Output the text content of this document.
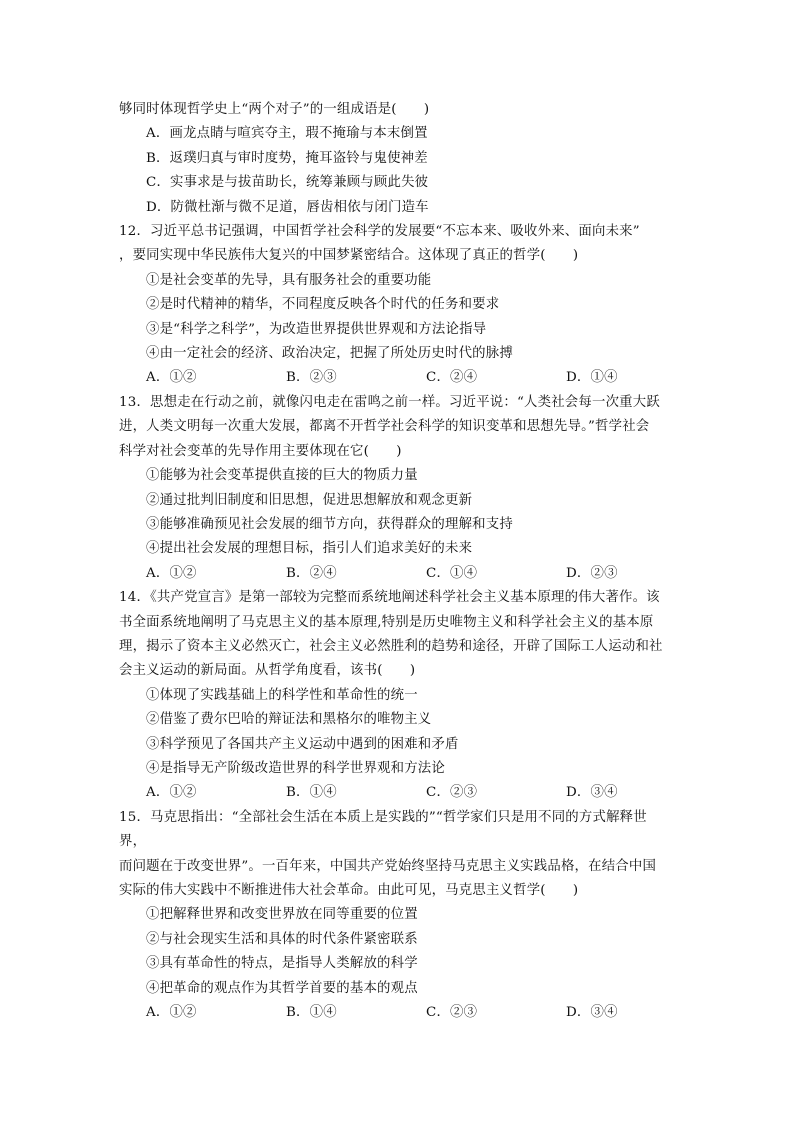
够同时体现哲学史上“两个对子”的一组成语是(　　)
A．画龙点睛与喧宾夺主，瑕不掩瑜与本末倒置
B．返璞归真与审时度势，掩耳盗铃与鬼使神差
C．实事求是与拔苗助长，统筹兼顾与顾此失彼
D．防微杜渐与微不足道，唇齿相依与闭门造车
12．习近平总书记强调，中国哲学社会科学的发展要“不忘本来、吸收外来、面向未来”
，要同实现中华民族伟大复兴的中国梦紧密结合。这体现了真正的哲学(　　)
①是社会变革的先导，具有服务社会的重要功能
②是时代精神的精华，不同程度反映各个时代的任务和要求
③是“科学之科学”，为改造世界提供世界观和方法论指导
④由一定社会的经济、政治决定，把握了所处历史时代的脉搏
A．①②	B．②③	C．②④	D．①④
13．思想走在行动之前，就像闪电走在雷鸣之前一样。习近平说：“人类社会每一次重大跃
进，人类文明每一次重大发展，都离不开哲学社会科学的知识变革和思想先导。”哲学社会
科学对社会变革的先导作用主要体现在它(　　)
①能够为社会变革提供直接的巨大的物质力量
②通过批判旧制度和旧思想，促进思想解放和观念更新
③能够准确预见社会发展的细节方向，获得群众的理解和支持
④提出社会发展的理想目标，指引人们追求美好的未来
A．①②	B．②④	C．①④	D．②③
14．《共产党宣言》是第一部较为完整而系统地阐述科学社会主义基本原理的伟大著作。该
书全面系统地阐明了马克思主义的基本原理,特别是历史唯物主义和科学社会主义的基本原
理，揭示了资本主义必然灭亡，社会主义必然胜利的趋势和途径，开辟了国际工人运动和社
会主义运动的新局面。从哲学角度看，该书(　　)
①体现了实践基础上的科学性和革命性的统一
②借鉴了费尔巴哈的辩证法和黑格尔的唯物主义
③科学预见了各国共产主义运动中遇到的困难和矛盾
④是指导无产阶级改造世界的科学世界观和方法论
A．①②	B．①④	C．②③	D．③④
15．马克思指出：“全部社会生活在本质上是实践的”“哲学家们只是用不同的方式解释世
界，
而问题在于改变世界”。一百年来，中国共产党始终坚持马克思主义实践品格，在结合中国
实际的伟大实践中不断推进伟大社会革命。由此可见，马克思主义哲学(　　)
①把解释世界和改变世界放在同等重要的位置
②与社会现实生活和具体的时代条件紧密联系
③具有革命性的特点，是指导人类解放的科学
④把革命的观点作为其哲学首要的基本的观点
A．①②	B．①④	C．②③	D．③④
